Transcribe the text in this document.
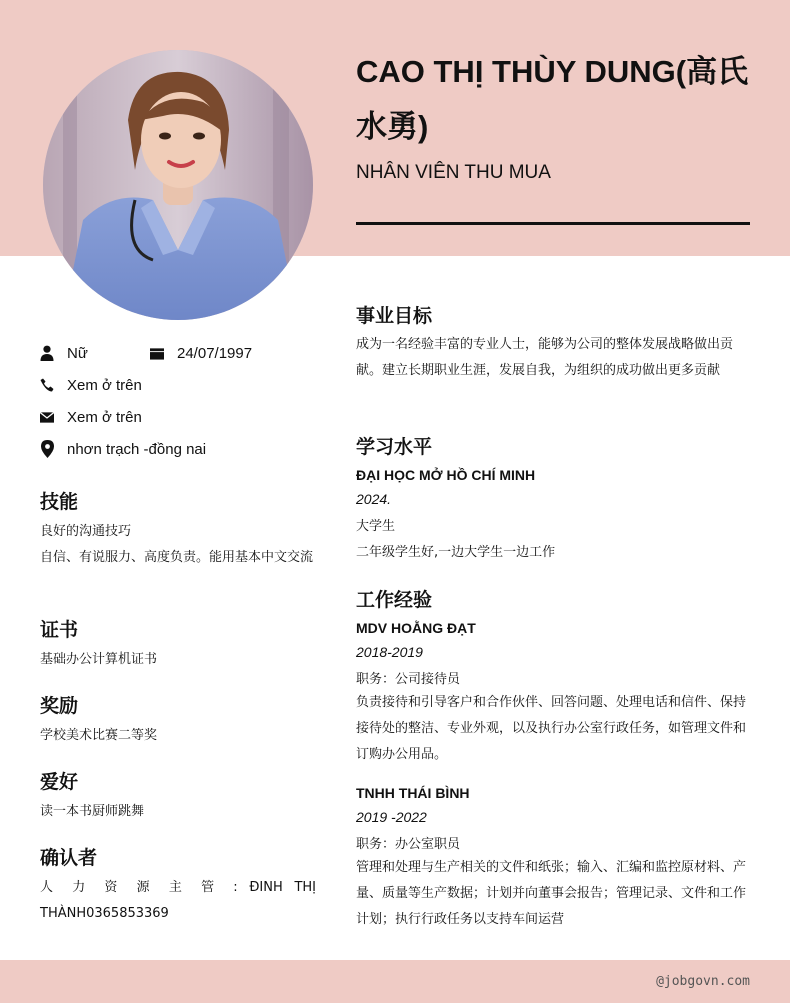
CAO THỊ THÙY DUNG(高氏水勇)
NHÂN VIÊN THU MUA
Nữ	24/07/1997
Xem ở trên
Xem ở trên
nhơn trạch -đồng nai
技能
良好的沟通技巧
自信、有说服力、高度负责。能用基本中文交流
证书
基础办公计算机证书
奖励
学校美术比赛二等奖
爱好
读一本书厨师跳舞
确认者
人 力 资 源 主 管 : ĐINH THỊ THÀNH0365853369
事业目标
成为一名经验丰富的专业人士，能够为公司的整体发展战略做出贡献。建立长期职业生涯，发展自我，为组织的成功做出更多贡献
学习水平
ĐẠI HỌC MỞ HỒ CHÍ MINH
2024.
大学生
二年级学生好,一边大学生一边工作
工作经验
MDV HOẰNG ĐẠT
2018-2019
职务：公司接待员
负责接待和引导客户和合作伙伴、回答问题、处理电话和信件、保持接待处的整洁、专业外观，以及执行办公室行政任务，如管理文件和订购办公用品。
TNHH THÁI BÌNH
2019 -2022
职务：办公室职员
管理和处理与生产相关的文件和纸张；输入、汇编和监控原材料、产量、质量等生产数据；计划并向董事会报告；管理记录、文件和工作计划；执行行政任务以支持车间运营
@jobgovn.com
